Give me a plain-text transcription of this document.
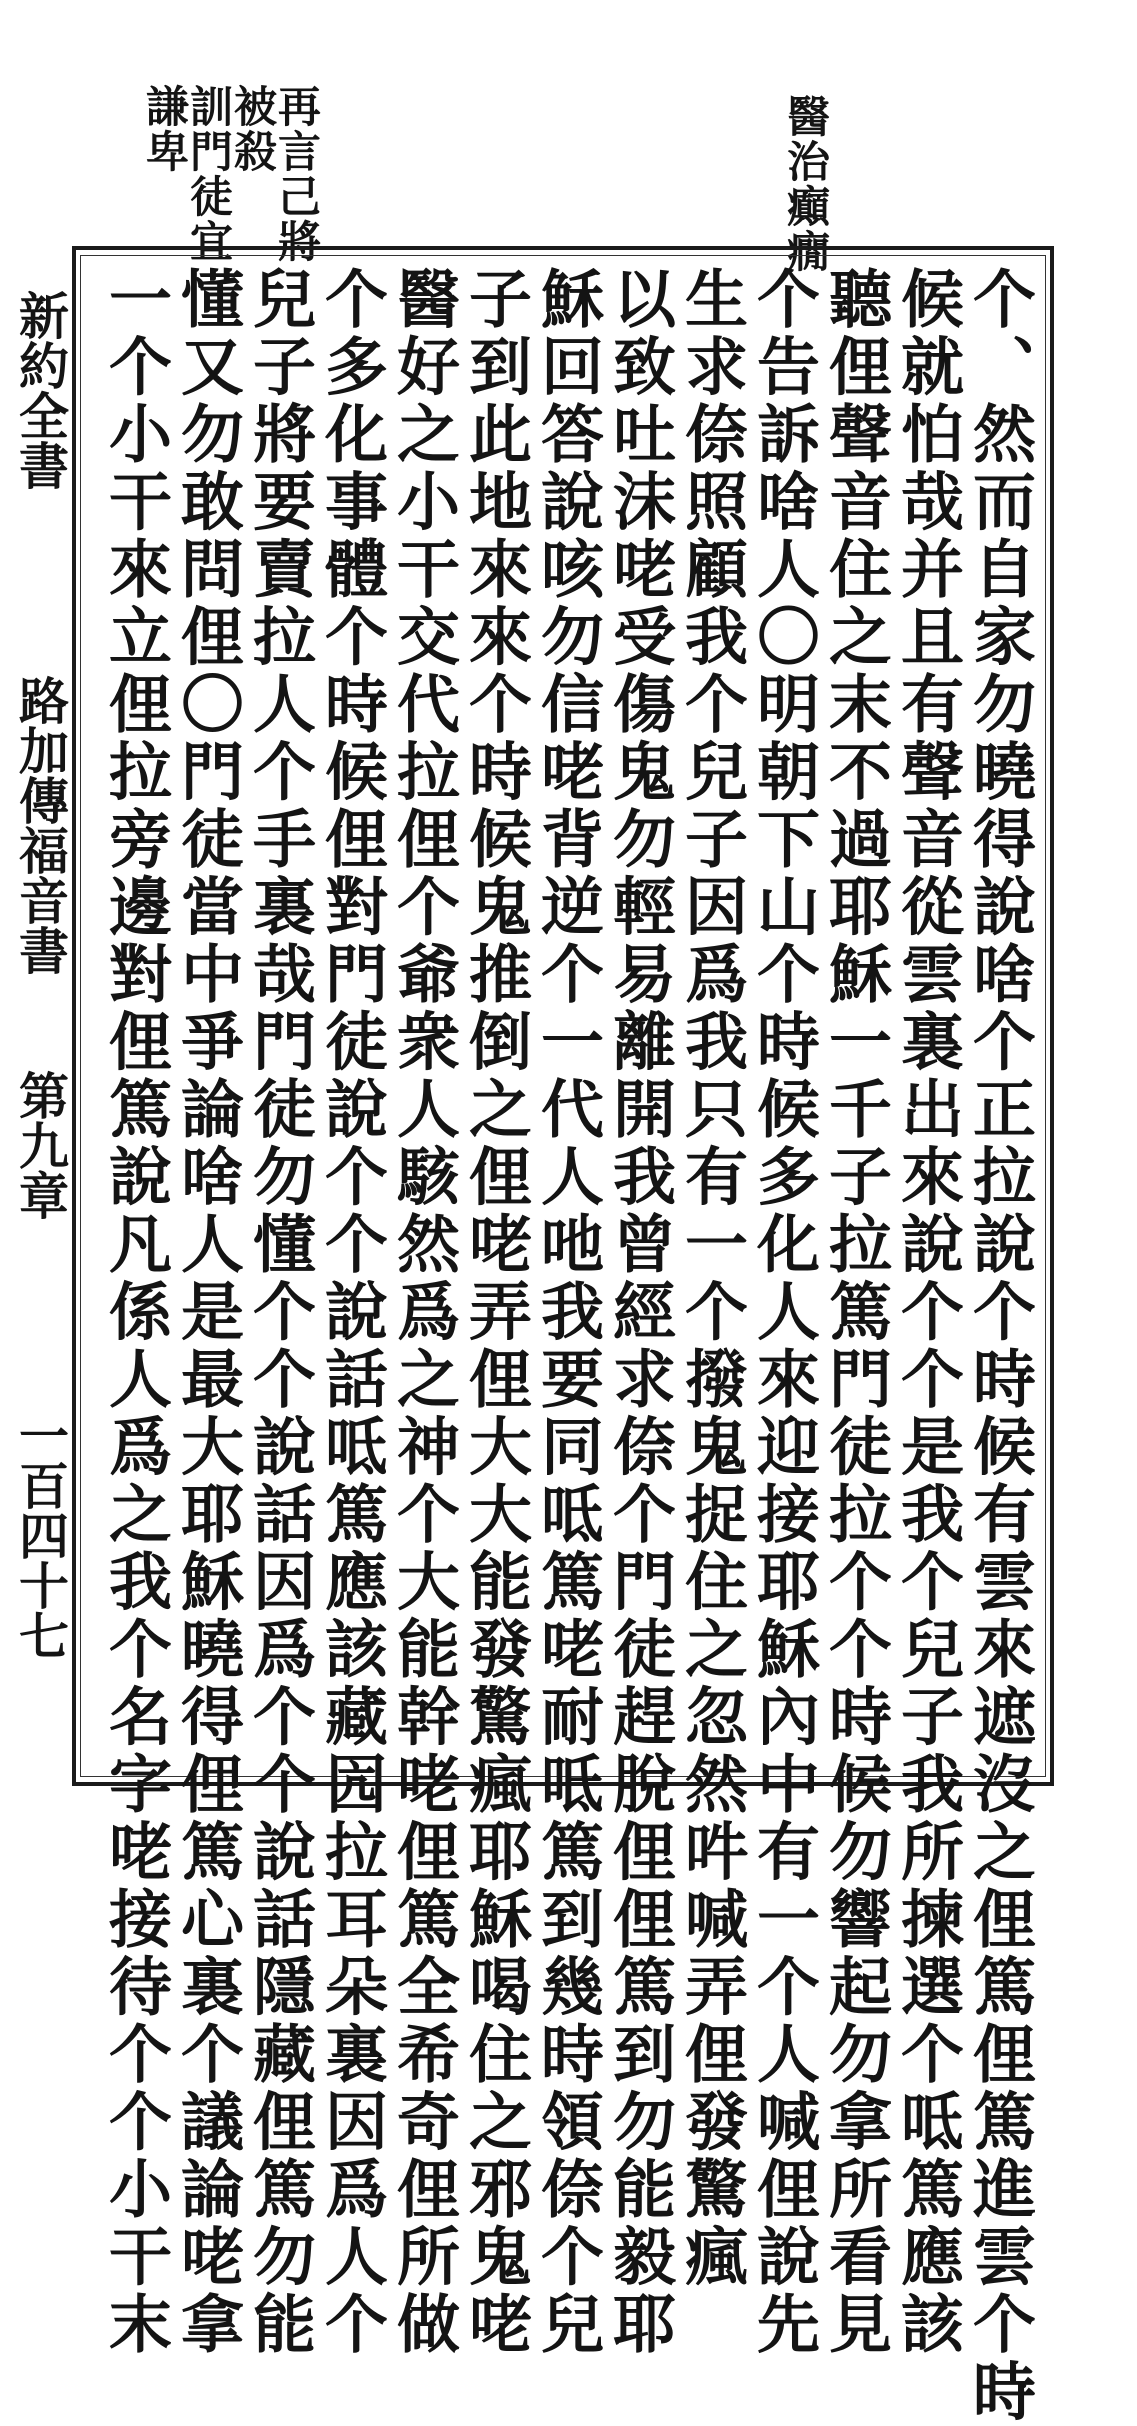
醫治癲癇
再言己將
被殺
訓門徒宜
謙卑
新約全書
路加傳福音書
第九章
一百四十七	个、然而自家勿曉得說啥个正拉說个時候有雲來遮沒之俚篤俚篤進雲个時
候就怕哉并且有聲音從雲裏出來說个个是我个兒子我所揀選个呧篤應該
聽俚聲音住之末不過耶穌一千子拉篤門徒拉个个時候勿響起勿拿所看見
个告訴啥人〇明朝下山个時候多化人來迎接耶穌內中有一个人喊俚說先
生求倷照顧我个兒子因爲我只有一个撥鬼捉住之忽然吽喊弄俚發驚瘋
以致吐沫咾受傷鬼勿輕易離開我曾經求倷个門徒趕脫俚俚篤到勿能毅耶
穌回答說咳勿信咾背逆个一代人吔我要同呧篤咾耐呧篤到幾時領倷个兒
子到此地來來个時候鬼推倒之俚咾弄俚大大能發驚瘋耶穌喝住之邪鬼咾
醫好之小干交代拉俚个爺衆人駭然爲之神个大能幹咾俚篤全希奇俚所做
个多化事體个時候俚對門徒說个个說話呧篤應該藏囥拉耳朵裏因爲人个
兒子將要賣拉人个手裏哉門徒勿懂个个說話因爲个个說話隱藏俚篤勿能
懂又勿敢問俚〇門徒當中爭論啥人是最大耶穌曉得俚篤心裏个議論咾拿
一个小干來立俚拉旁邊對俚篤說凡係人爲之我个名字咾接待个个小干末
